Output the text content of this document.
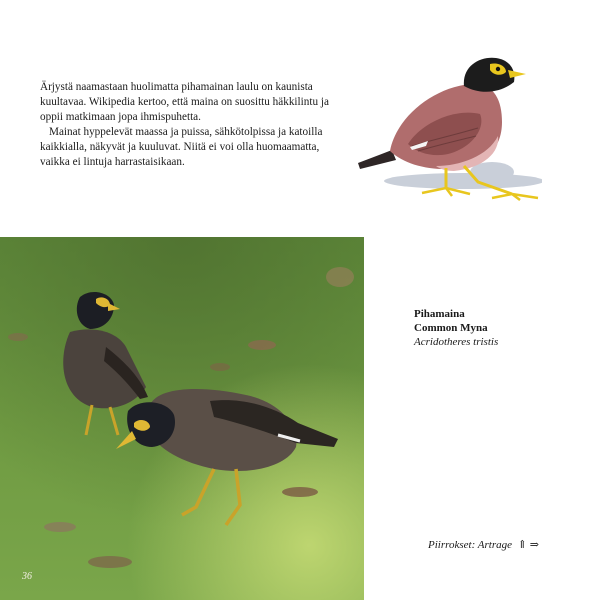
Ärjystä naamastaan huolimatta pihamainan laulu on kaunista kuultavaa. Wikipedia kertoo, että maina on suosittu häkkilintu ja oppii matkimaan jopa ihmispuhetta.

Mainat hyppelevät maassa ja puissa, sähkötolpissa ja katoilla kaikkialla, näkyvät ja kuuluvat. Niitä ei voi olla huomaamatta, vaikka ei lintuja harrastaisikaan.

Pihamaina
Common Myna
Acridotheres tristis
Piirrokset: Artrage ⇑ ⇒
36
